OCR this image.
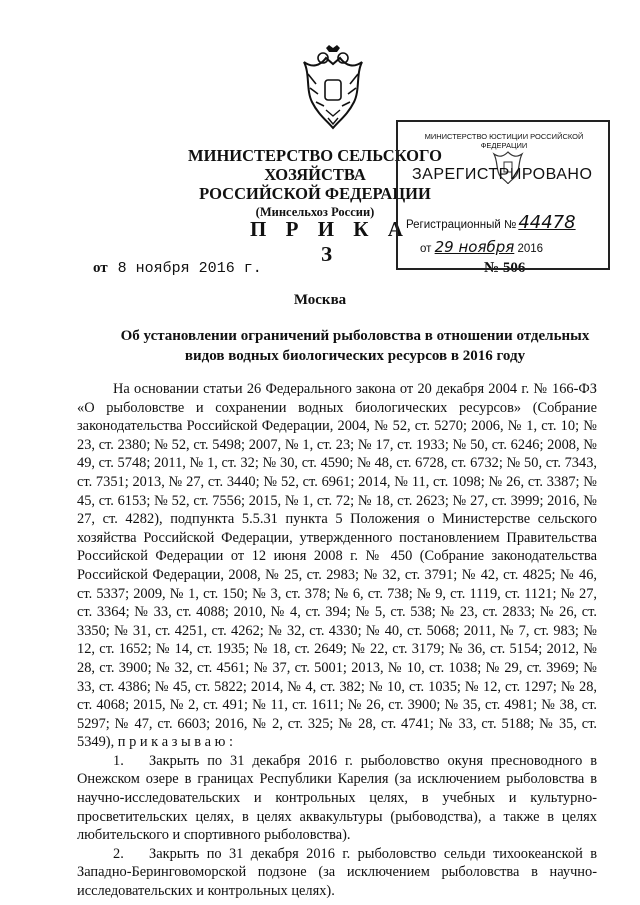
МИНИСТЕРСТВО СЕЛЬСКОГО ХОЗЯЙСТВА
РОССИЙСКОЙ ФЕДЕРАЦИИ
(Минсельхоз России)
П Р И К А З
от 8 ноября 2016 г.	№ 506
Москва
Об установлении ограничений рыболовства в отношении отдельных видов водных биологических ресурсов в 2016 году
МИНИСТЕРСТВО ЮСТИЦИИ РОССИЙСКОЙ ФЕДЕРАЦИИ
ЗАРЕГИСТРИРОВАНО
Регистрационный № 44478
от 29 ноября 2016

На основании статьи 26 Федерального закона от 20 декабря 2004 г. № 166-ФЗ «О рыболовстве и сохранении водных биологических ресурсов» (Собрание законодательства Российской Федерации, 2004, № 52, ст. 5270; 2006, № 1, ст. 10; № 23, ст. 2380; № 52, ст. 5498; 2007, № 1, ст. 23; № 17, ст. 1933; № 50, ст. 6246; 2008, № 49, ст. 5748; 2011, № 1, ст. 32; № 30, ст. 4590; № 48, ст. 6728, ст. 6732; № 50, ст. 7343, ст. 7351; 2013, № 27, ст. 3440; № 52, ст. 6961; 2014, № 11, ст. 1098; № 26, ст. 3387; № 45, ст. 6153; № 52, ст. 7556; 2015, № 1, ст. 72; № 18, ст. 2623; № 27, ст. 3999; 2016, № 27, ст. 4282), подпункта 5.5.31 пункта 5 Положения о Министерстве сельского хозяйства Российской Федерации, утвержденного постановлением Правительства Российской Федерации от 12 июня 2008 г. № 450 (Собрание законодательства Российской Федерации, 2008, № 25, ст. 2983; № 32, ст. 3791; № 42, ст. 4825; № 46, ст. 5337; 2009, № 1, ст. 150; № 3, ст. 378; № 6, ст. 738; № 9, ст. 1119, ст. 1121; № 27, ст. 3364; № 33, ст. 4088; 2010, № 4, ст. 394; № 5, ст. 538; № 23, ст. 2833; № 26, ст. 3350; № 31, ст. 4251, ст. 4262; № 32, ст. 4330; № 40, ст. 5068; 2011, № 7, ст. 983; № 12, ст. 1652; № 14, ст. 1935; № 18, ст. 2649; № 22, ст. 3179; № 36, ст. 5154; 2012, № 28, ст. 3900; № 32, ст. 4561; № 37, ст. 5001; 2013, № 10, ст. 1038; № 29, ст. 3969; № 33, ст. 4386; № 45, ст. 5822; 2014, № 4, ст. 382; № 10, ст. 1035; № 12, ст. 1297; № 28, ст. 4068; 2015, № 2, ст. 491; № 11, ст. 1611; № 26, ст. 3900; № 35, ст. 4981; № 38, ст. 5297; № 47, ст. 6603; 2016, № 2, ст. 325; № 28, ст. 4741; № 33, ст. 5188; № 35, ст. 5349), п р и к а з ы в а ю :

1. Закрыть по 31 декабря 2016 г. рыболовство окуня пресноводного в Онежском озере в границах Республики Карелия (за исключением рыболовства в научно-исследовательских и контрольных целях, в учебных и культурно-просветительских целях, в целях аквакультуры (рыбоводства), а также в целях любительского и спортивного рыболовства).

2. Закрыть по 31 декабря 2016 г. рыболовство сельди тихоокеанской в Западно-Беринговоморской подзоне (за исключением рыболовства в научно-исследовательских и контрольных целях).
